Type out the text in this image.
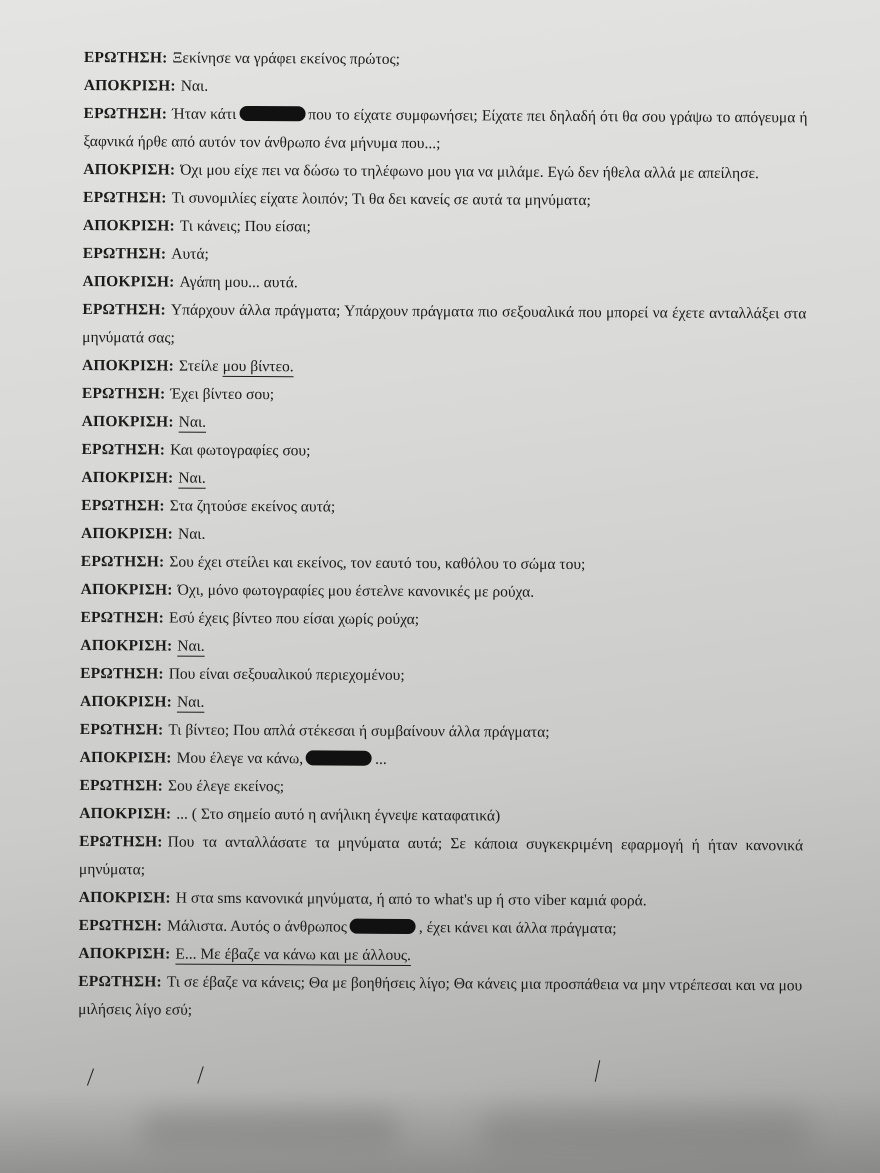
ΕΡΩΤΗΣΗ: Ξεκίνησε να γράφει εκείνος πρώτος;

ΑΠΟΚΡΙΣΗ: Ναι.

ΕΡΩΤΗΣΗ: Ήταν κάτι	που το είχατε συμφωνήσει; Είχατε πει δηλαδή ότι θα σου γράψω το απόγευμα ή ξαφνικά ήρθε από αυτόν τον άνθρωπο ένα μήνυμα που...;

ΑΠΟΚΡΙΣΗ: Όχι μου είχε πει να δώσω το τηλέφωνο μου για να μιλάμε. Εγώ δεν ήθελα αλλά με απείλησε.

ΕΡΩΤΗΣΗ: Τι συνομιλίες είχατε λοιπόν; Τι θα δει κανείς σε αυτά τα μηνύματα;

ΑΠΟΚΡΙΣΗ: Τι κάνεις; Που είσαι;

ΕΡΩΤΗΣΗ: Αυτά;

ΑΠΟΚΡΙΣΗ: Αγάπη μου... αυτά.

ΕΡΩΤΗΣΗ: Υπάρχουν άλλα πράγματα; Υπάρχουν πράγματα πιο σεξουαλικά που μπορεί να έχετε ανταλλάξει στα μηνύματά σας;

ΑΠΟΚΡΙΣΗ: Στείλε μου βίντεο.

ΕΡΩΤΗΣΗ: Έχει βίντεο σου;

ΑΠΟΚΡΙΣΗ: Ναι.

ΕΡΩΤΗΣΗ: Και φωτογραφίες σου;

ΑΠΟΚΡΙΣΗ: Ναι.

ΕΡΩΤΗΣΗ: Στα ζητούσε εκείνος αυτά;

ΑΠΟΚΡΙΣΗ: Ναι.

ΕΡΩΤΗΣΗ: Σου έχει στείλει και εκείνος, τον εαυτό του, καθόλου το σώμα του;

ΑΠΟΚΡΙΣΗ: Όχι, μόνο φωτογραφίες μου έστελνε κανονικές με ρούχα.

ΕΡΩΤΗΣΗ: Εσύ έχεις βίντεο που είσαι χωρίς ρούχα;

ΑΠΟΚΡΙΣΗ: Ναι.

ΕΡΩΤΗΣΗ: Που είναι σεξουαλικού περιεχομένου;

ΑΠΟΚΡΙΣΗ: Ναι.

ΕΡΩΤΗΣΗ: Τι βίντεο; Που απλά στέκεσαι ή συμβαίνουν άλλα πράγματα;

ΑΠΟΚΡΙΣΗ: Μου έλεγε να κάνω,	...

ΕΡΩΤΗΣΗ: Σου έλεγε εκείνος;

ΑΠΟΚΡΙΣΗ: ... ( Στο σημείο αυτό η ανήλικη έγνεψε καταφατικά)

ΕΡΩΤΗΣΗ: Που τα ανταλλάσατε τα μηνύματα αυτά; Σε κάποια συγκεκριμένη εφαρμογή ή ήταν κανονικά μηνύματα;

ΑΠΟΚΡΙΣΗ: Η στα sms κανονικά μηνύματα, ή από το what's up ή στο viber καμιά φορά.

ΕΡΩΤΗΣΗ: Μάλιστα. Αυτός ο άνθρωπος	, έχει κάνει και άλλα πράγματα;

ΑΠΟΚΡΙΣΗ: Ε... Με έβαζε να κάνω και με άλλους.

ΕΡΩΤΗΣΗ: Τι σε έβαζε να κάνεις; Θα με βοηθήσεις λίγο; Θα κάνεις μια προσπάθεια να μην ντρέπεσαι και να μου μιλήσεις λίγο εσύ;
